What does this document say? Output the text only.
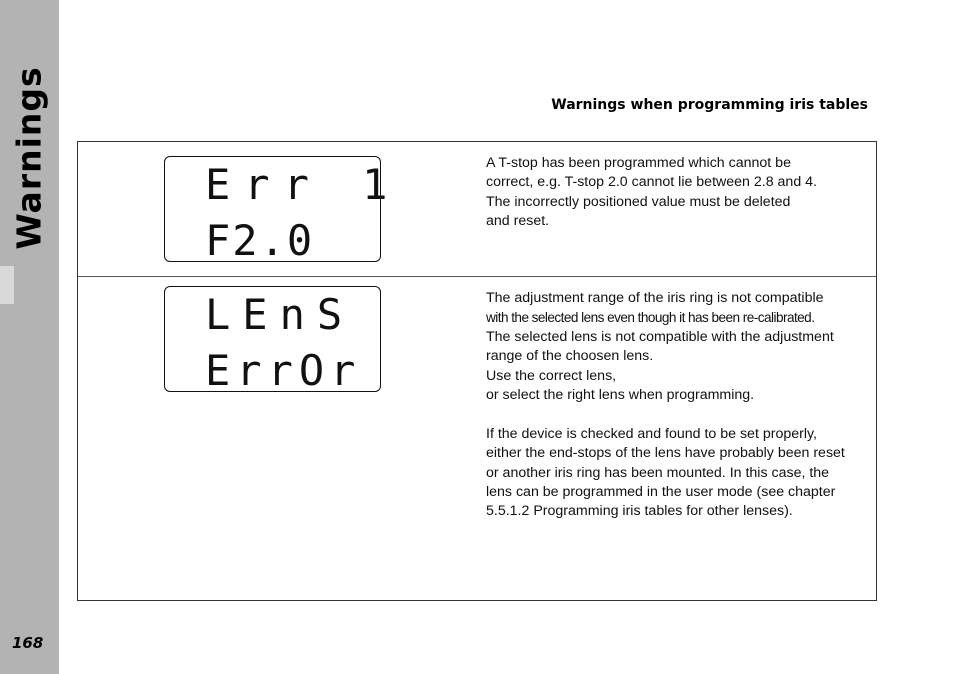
Warnings
168
Warnings when programming iris tables
Err 1
F2.0
A T-stop has been programmed which cannot be
correct, e.g. T-stop 2.0 cannot lie between 2.8 and 4.
The incorrectly positioned value must be deleted
and reset.
LEnS
ErrOr
The adjustment range of the iris ring is not compatible
with the selected lens even though it has been re-calibrated.
The selected lens is not compatible with the adjustment
range of the choosen lens.
Use the correct lens,
or select the right lens when programming.
If the device is checked and found to be set properly,
either the end-stops of the lens have probably been reset
or another iris ring has been mounted. In this case, the
lens can be programmed in the user mode (see chapter
5.5.1.2 Programming iris tables for other lenses).
